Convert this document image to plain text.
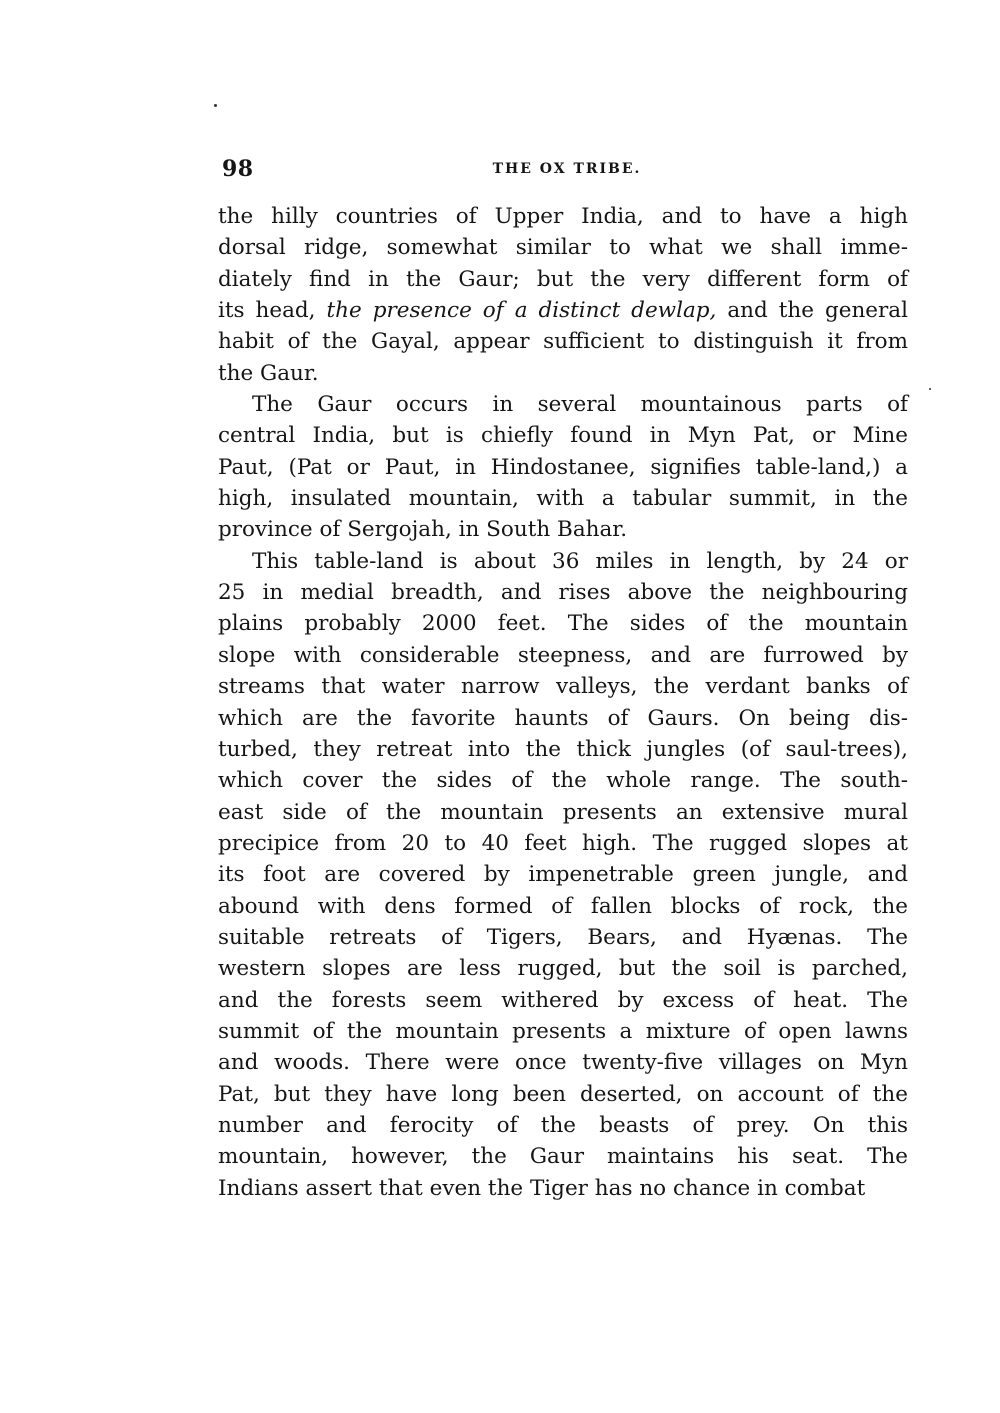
98	THE OX TRIBE.
the hilly countries of Upper India, and to have a high
dorsal ridge, somewhat similar to what we shall imme-
diately find in the Gaur; but the very different form of
its head, the presence of a distinct dewlap, and the general
habit of the Gayal, appear sufficient to distinguish it from
the Gaur.
The Gaur occurs in several mountainous parts of
central India, but is chiefly found in Myn Pat, or Mine
Paut, (Pat or Paut, in Hindostanee, signifies table-land,) a
high, insulated mountain, with a tabular summit, in the
province of Sergojah, in South Bahar.
This table-land is about 36 miles in length, by 24 or
25 in medial breadth, and rises above the neighbouring
plains probably 2000 feet. The sides of the mountain
slope with considerable steepness, and are furrowed by
streams that water narrow valleys, the verdant banks of
which are the favorite haunts of Gaurs. On being dis-
turbed, they retreat into the thick jungles (of saul-trees),
which cover the sides of the whole range. The south-
east side of the mountain presents an extensive mural
precipice from 20 to 40 feet high. The rugged slopes at
its foot are covered by impenetrable green jungle, and
abound with dens formed of fallen blocks of rock, the
suitable retreats of Tigers, Bears, and Hyænas. The
western slopes are less rugged, but the soil is parched,
and the forests seem withered by excess of heat. The
summit of the mountain presents a mixture of open lawns
and woods. There were once twenty-five villages on Myn
Pat, but they have long been deserted, on account of the
number and ferocity of the beasts of prey. On this
mountain, however, the Gaur maintains his seat. The
Indians assert that even the Tiger has no chance in combat
